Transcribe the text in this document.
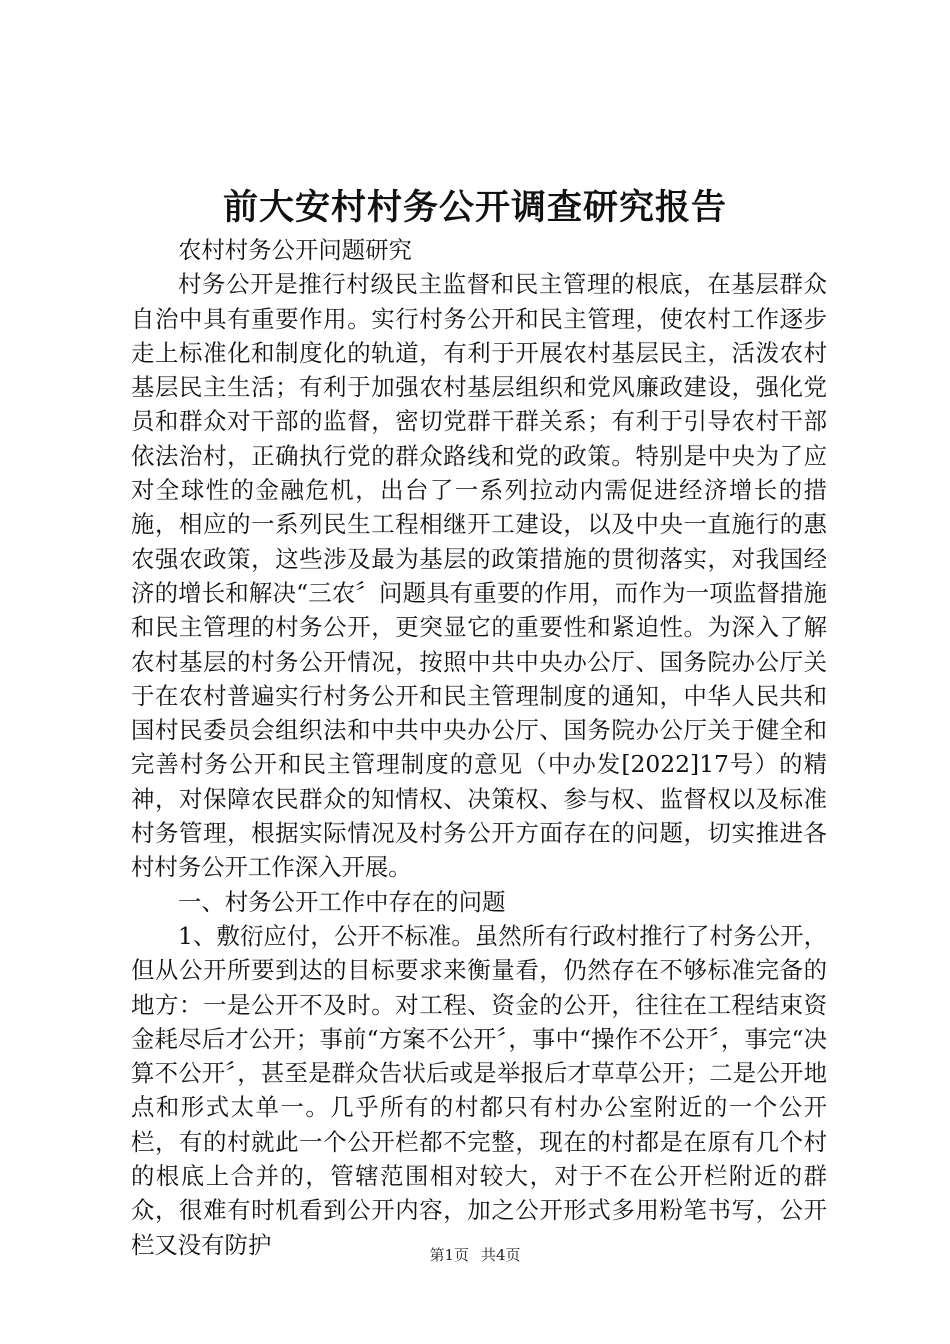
前大安村村务公开调查研究报告

农村村务公开问题研究

村务公开是推行村级民主监督和民主管理的根底，在基层群众自治中具有重要作用。实行村务公开和民主管理，使农村工作逐步走上标准化和制度化的轨道，有利于开展农村基层民主，活泼农村基层民主生活；有利于加强农村基层组织和党风廉政建设，强化党员和群众对干部的监督，密切党群干群关系；有利于引导农村干部依法治村，正确执行党的群众路线和党的政策。特别是中央为了应对全球性的金融危机，出台了一系列拉动内需促进经济增长的措施，相应的一系列民生工程相继开工建设，以及中央一直施行的惠农强农政策，这些涉及最为基层的政策措施的贯彻落实，对我国经济的增长和解决“三农〞问题具有重要的作用，而作为一项监督措施和民主管理的村务公开，更突显它的重要性和紧迫性。为深入了解农村基层的村务公开情况，按照中共中央办公厅、国务院办公厅关于在农村普遍实行村务公开和民主管理制度的通知，中华人民共和国村民委员会组织法和中共中央办公厅、国务院办公厅关于健全和完善村务公开和民主管理制度的意见（中办发[2022]17号）的精神，对保障农民群众的知情权、决策权、参与权、监督权以及标准村务管理，根据实际情况及村务公开方面存在的问题，切实推进各村村务公开工作深入开展。

一、村务公开工作中存在的问题

1、敷衍应付，公开不标准。虽然所有行政村推行了村务公开，但从公开所要到达的目标要求来衡量看，仍然存在不够标准完备的地方：一是公开不及时。对工程、资金的公开，往往在工程结束资金耗尽后才公开；事前“方案不公开〞，事中“操作不公开〞，事完“决算不公开〞，甚至是群众告状后或是举报后才草草公开；二是公开地点和形式太单一。几乎所有的村都只有村办公室附近的一个公开栏，有的村就此一个公开栏都不完整，现在的村都是在原有几个村的根底上合并的，管辖范围相对较大，对于不在公开栏附近的群众，很难有时机看到公开内容，加之公开形式多用粉笔书写，公开栏又没有防护	第1页 共4页
